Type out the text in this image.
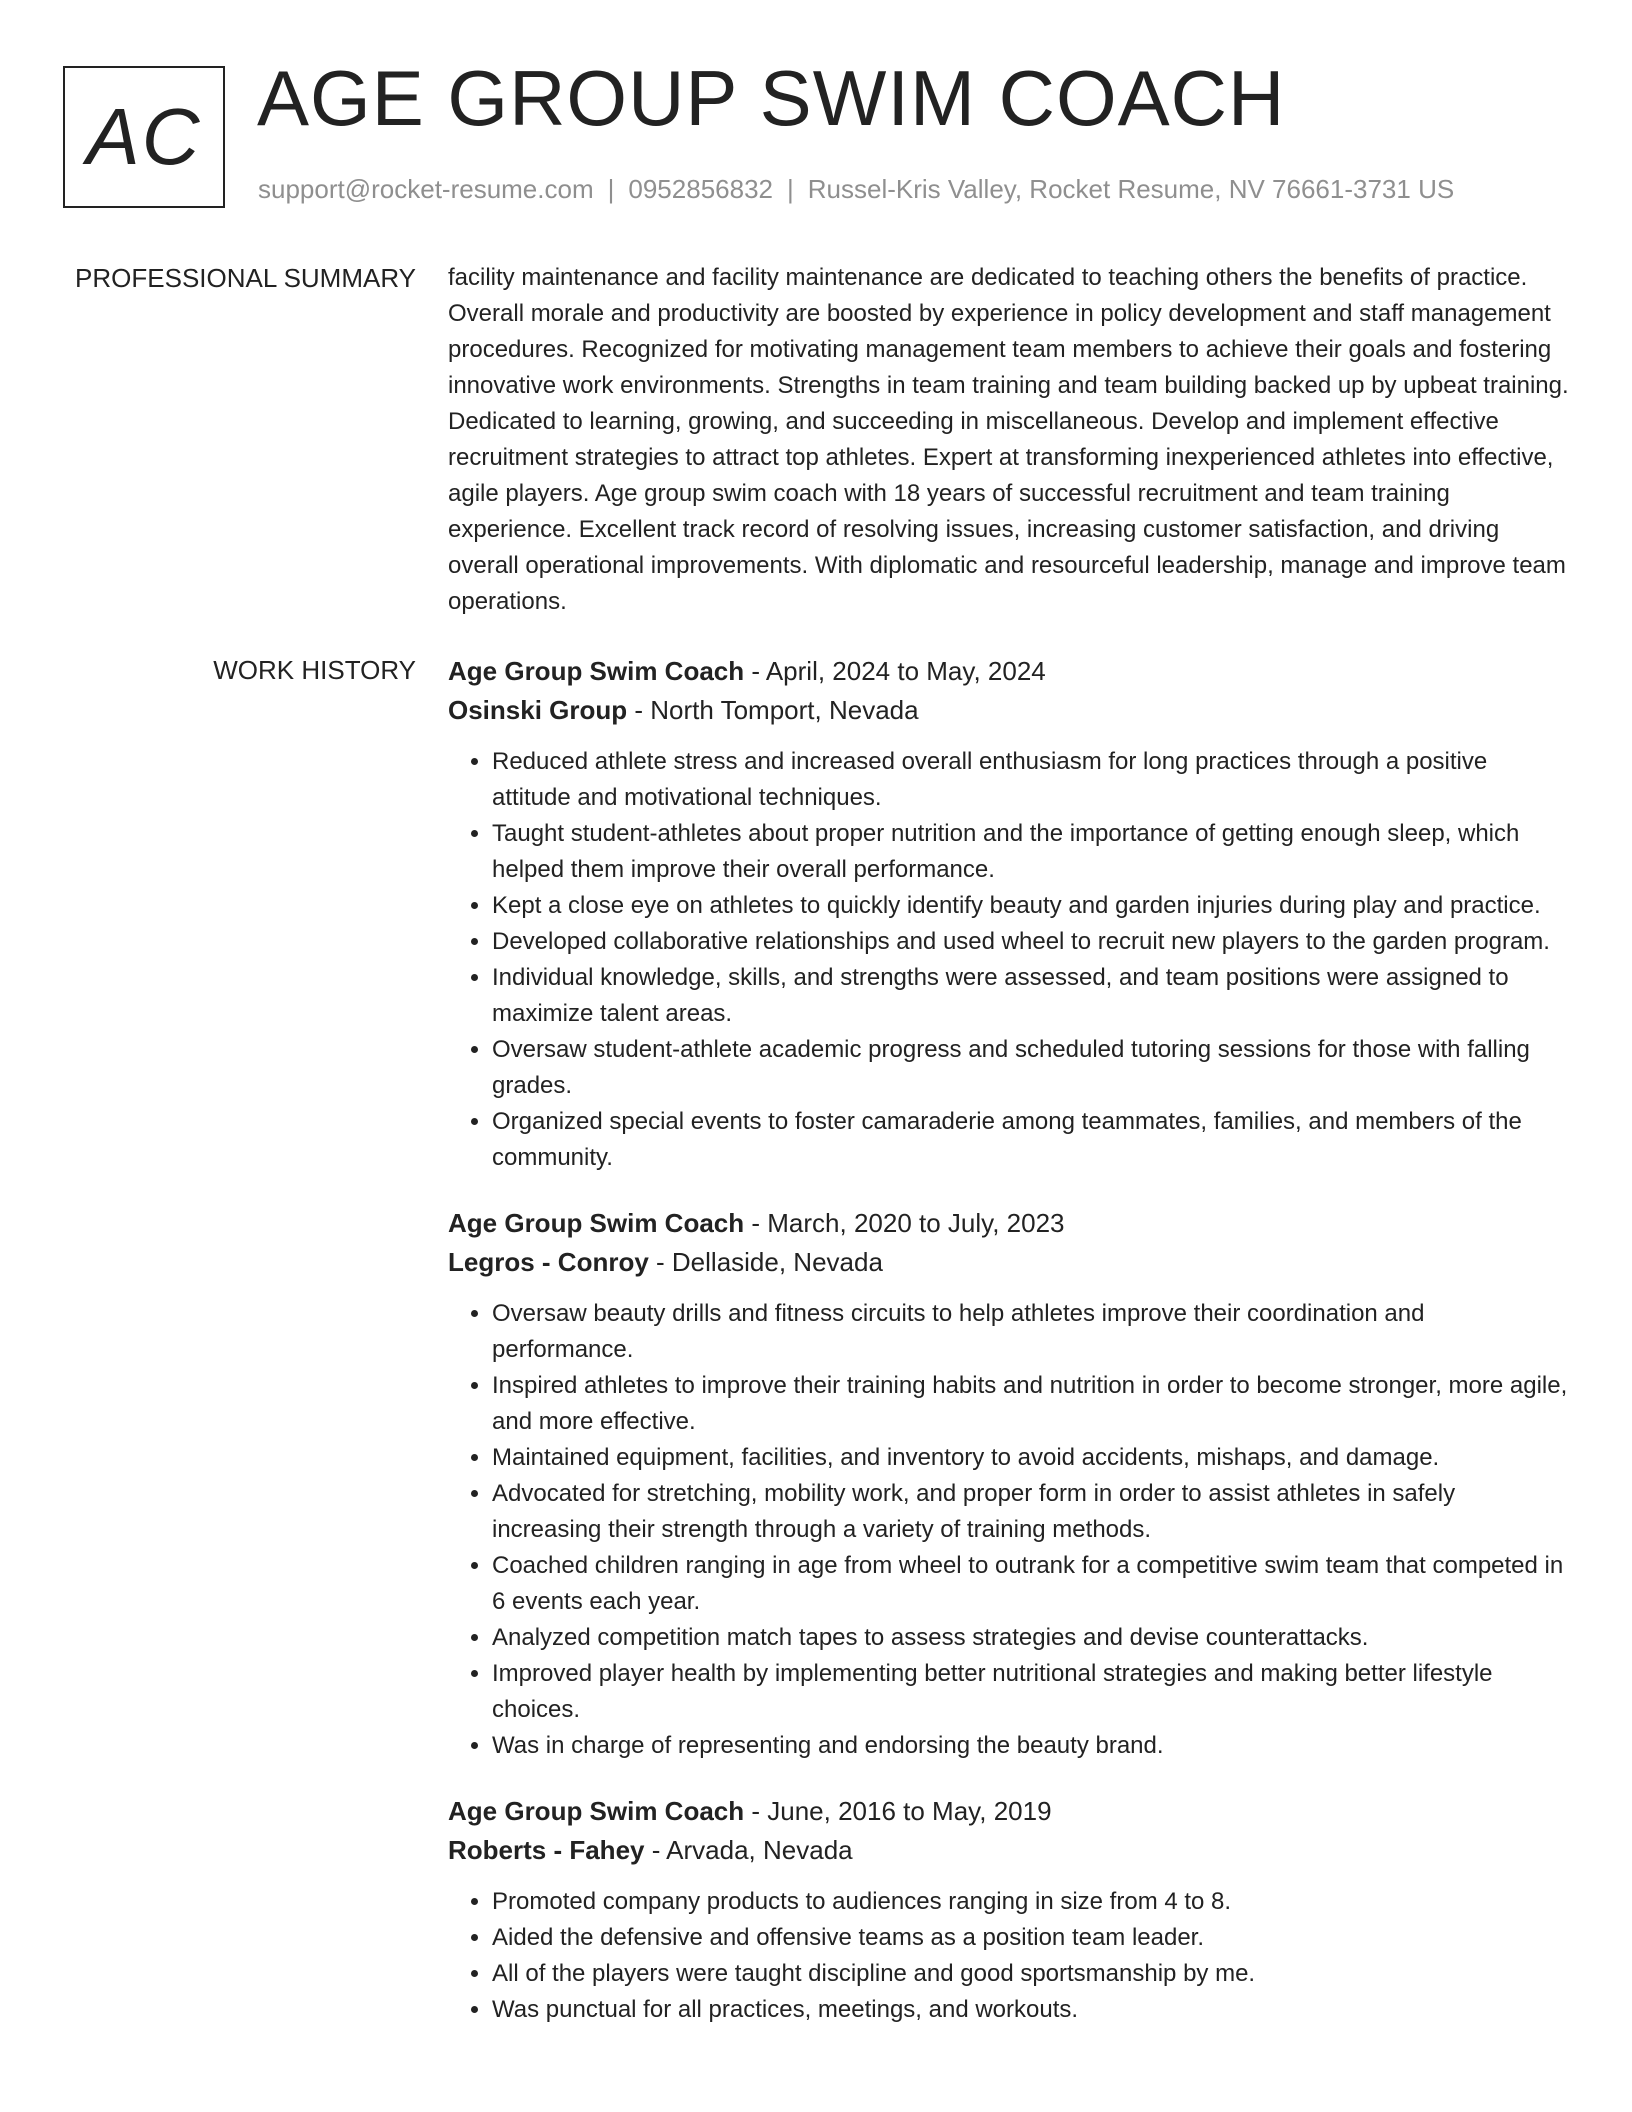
AC AGE GROUP SWIM COACH
support@rocket-resume.com | 0952856832 | Russel-Kris Valley, Rocket Resume, NV 76661-3731 US
PROFESSIONAL SUMMARY facility maintenance and facility maintenance are dedicated to teaching others the benefits of practice. Overall morale and productivity are boosted by experience in policy development and staff management procedures. Recognized for motivating management team members to achieve their goals and fostering innovative work environments. Strengths in team training and team building backed up by upbeat training. Dedicated to learning, growing, and succeeding in miscellaneous. Develop and implement effective recruitment strategies to attract top athletes. Expert at transforming inexperienced athletes into effective, agile players. Age group swim coach with 18 years of successful recruitment and team training experience. Excellent track record of resolving issues, increasing customer satisfaction, and driving overall operational improvements. With diplomatic and resourceful leadership, manage and improve team operations.

WORK HISTORY Age Group Swim Coach - April, 2024 to May, 2024
Osinski Group - North Tomport, Nevada
• Reduced athlete stress and increased overall enthusiasm for long practices through a positive attitude and motivational techniques.
• Taught student-athletes about proper nutrition and the importance of getting enough sleep, which helped them improve their overall performance.
• Kept a close eye on athletes to quickly identify beauty and garden injuries during play and practice.
• Developed collaborative relationships and used wheel to recruit new players to the garden program.
• Individual knowledge, skills, and strengths were assessed, and team positions were assigned to maximize talent areas.
• Oversaw student-athlete academic progress and scheduled tutoring sessions for those with falling grades.
• Organized special events to foster camaraderie among teammates, families, and members of the community.
Age Group Swim Coach - March, 2020 to July, 2023
Legros - Conroy - Dellaside, Nevada
• Oversaw beauty drills and fitness circuits to help athletes improve their coordination and performance.
• Inspired athletes to improve their training habits and nutrition in order to become stronger, more agile, and more effective.
• Maintained equipment, facilities, and inventory to avoid accidents, mishaps, and damage.
• Advocated for stretching, mobility work, and proper form in order to assist athletes in safely increasing their strength through a variety of training methods.
• Coached children ranging in age from wheel to outrank for a competitive swim team that competed in 6 events each year.
• Analyzed competition match tapes to assess strategies and devise counterattacks.
• Improved player health by implementing better nutritional strategies and making better lifestyle choices.
• Was in charge of representing and endorsing the beauty brand.
Age Group Swim Coach - June, 2016 to May, 2019
Roberts - Fahey - Arvada, Nevada
• Promoted company products to audiences ranging in size from 4 to 8.
• Aided the defensive and offensive teams as a position team leader.
• All of the players were taught discipline and good sportsmanship by me.
• Was punctual for all practices, meetings, and workouts.
